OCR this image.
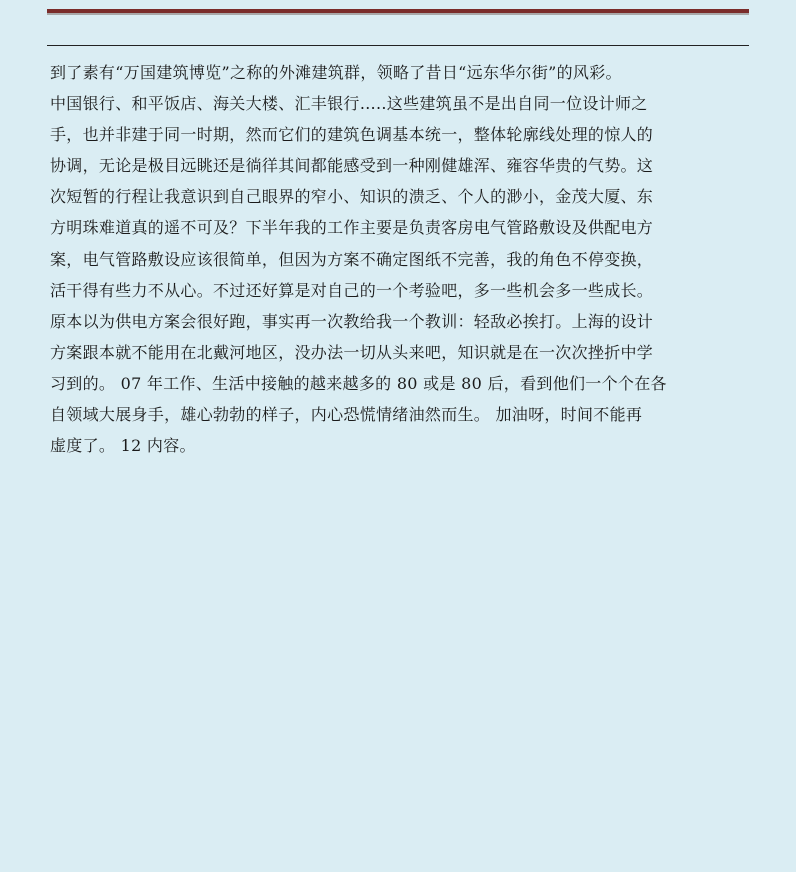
到了素有“万国建筑博览”之称的外滩建筑群，领略了昔日“远东华尔街”的风彩。
中国银行、和平饭店、海关大楼、汇丰银行…..这些建筑虽不是出自同一位设计师之
手，也并非建于同一时期，然而它们的建筑色调基本统一，整体轮廓线处理的惊人的
协调，无论是极目远眺还是徜徉其间都能感受到一种刚健雄浑、雍容华贵的气势。这
次短暂的行程让我意识到自己眼界的窄小、知识的溃乏、个人的渺小，金茂大厦、东
方明珠难道真的遥不可及？下半年我的工作主要是负责客房电气管路敷设及供配电方
案，电气管路敷设应该很简单，但因为方案不确定图纸不完善，我的角色不停变换，
活干得有些力不从心。不过还好算是对自己的一个考验吧，多一些机会多一些成长。
原本以为供电方案会很好跑，事实再一次教给我一个教训：轻敌必挨打。上海的设计
方案跟本就不能用在北戴河地区，没办法一切从头来吧，知识就是在一次次挫折中学
习到的。 07 年工作、生活中接触的越来越多的 80 或是 80 后，看到他们一个个在各
自领域大展身手，雄心勃勃的样子，内心恐慌情绪油然而生。 加油呀，时间不能再
虚度了。 12 内容。
